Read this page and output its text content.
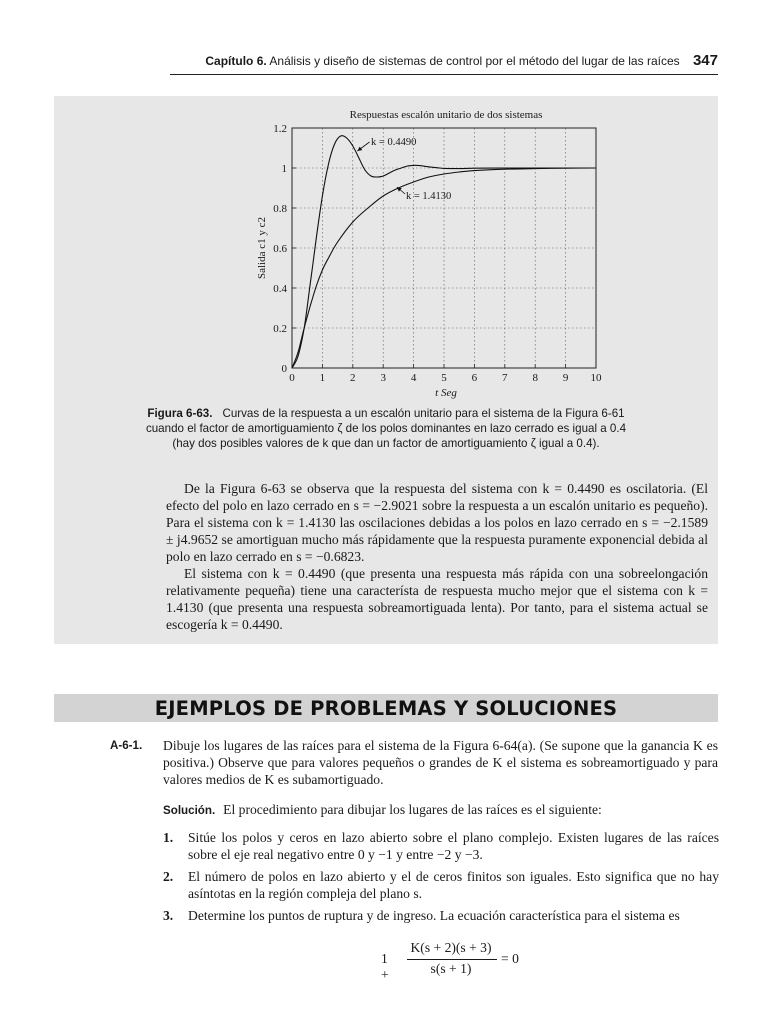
Capítulo 6. Análisis y diseño de sistemas de control por el método del lugar de las raíces 347
Respuestas escalón unitario de dos sistemas
0 1 2 3 4 5 6 7 8 9 10
0
0.2
0.4
0.6
0.8
1
1.2
k = 0.4490
k = 1.4130
t Seg
Salida c1 y c2
Figura 6-63. Curvas de la respuesta a un escalón unitario para el sistema de la Figura 6-61
cuando el factor de amortiguamiento ζ de los polos dominantes en lazo cerrado es igual a 0.4
(hay dos posibles valores de k que dan un factor de amortiguamiento ζ igual a 0.4).

De la Figura 6-63 se observa que la respuesta del sistema con k = 0.4490 es oscilatoria. (El efecto del polo en lazo cerrado en s = −2.9021 sobre la respuesta a un escalón unitario es pequeño). Para el sistema con k = 1.4130 las oscilaciones debidas a los polos en lazo cerrado en s = −2.1589 ± j4.9652 se amortiguan mucho más rápidamente que la respuesta puramente exponencial debida al polo en lazo cerrado en s = −0.6823.

El sistema con k = 0.4490 (que presenta una respuesta más rápida con una sobreelongación relativamente pequeña) tiene una característa de respuesta mucho mejor que el sistema con k = 1.4130 (que presenta una respuesta sobreamortiguada lenta). Por tanto, para el sistema actual se escogería k = 0.4490.

EJEMPLOS DE PROBLEMAS Y SOLUCIONES
A-6-1. Dibuje los lugares de las raíces para el sistema de la Figura 6-64(a). (Se supone que la ganancia K es positiva.) Observe que para valores pequeños o grandes de K el sistema es sobreamortiguado y para valores medios de K es subamortiguado.
Solución. El procedimiento para dibujar los lugares de las raíces es el siguiente:
1. Sitúe los polos y ceros en lazo abierto sobre el plano complejo. Existen lugares de las raíces sobre el eje real negativo entre 0 y −1 y entre −2 y −3.
2. El número de polos en lazo abierto y el de ceros finitos son iguales. Esto significa que no hay asíntotas en la región compleja del plano s.
3. Determine los puntos de ruptura y de ingreso. La ecuación característica para el sistema es
1 +
K(s + 2)(s + 3)
s(s + 1)
= 0
